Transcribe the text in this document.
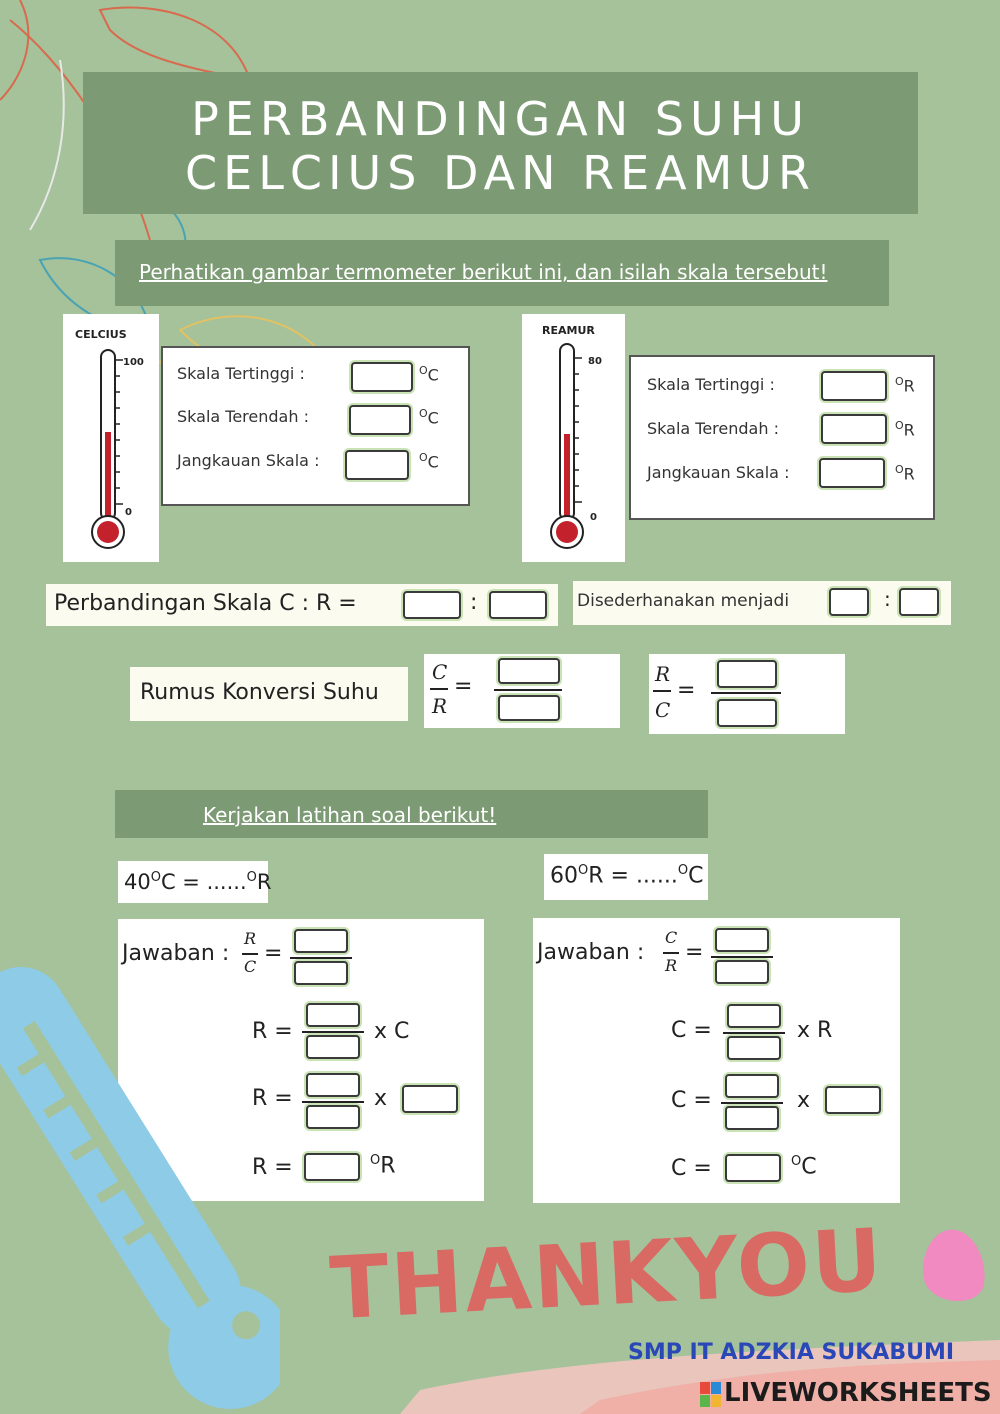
PERBANDINGAN SUHU
CELCIUS DAN REAMUR
Perhatikan gambar termometer berikut ini, dan isilah skala tersebut!
CELCIUS
100
0
Skala Tertinggi :	$^O$C
Skala Terendah :	$^O$C
Jangkauan Skala :	$^O$C
REAMUR
80
0
Skala Tertinggi :	$^O$R
Skala Terendah :	$^O$R
Jangkauan Skala :	$^O$R
Perbandingan Skala C : R =	:	Disederhanakan menjadi	:
Rumus Konversi Suhu
C
R
=	R
C
=
Kerjakan latihan soal berikut!
$40^OC = ......^OR$	$60^OR = ......^OC$
Jawaban :
R
C
=
R =	x C
R =	x
R =	$^O$R
Jawaban :
C
R
=
C =	x R
C =	x
C =	$^O$C
THANKYOU
SMP IT ADZKIA SUKABUMI
LIVEWORKSHEETS
